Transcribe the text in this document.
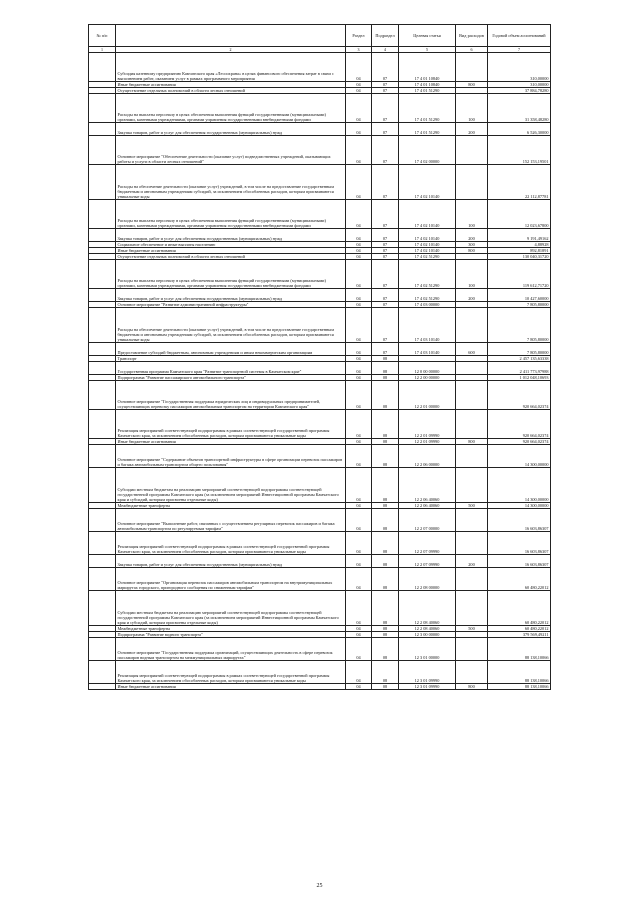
№ п/п		Раздел	Подраздел	Целевая статья	Вид расходов	Годовой объем ассигнований
1	2	3	4	5	6	7
	Субсидия казенному предприятию Камчатского края «Лесоохрана» в целях финансового обеспечения затрат в связи с выполнением работ, оказанием услуг в рамках программного мероприятия	04	07	17 4 01 10840		310,00000
	Иные бюджетные ассигнования	04	07	17 4 01 10840	800	310,00000
	Осуществление отдельных полномочий в области лесных отношений	04	07	17 4 01 51290		37 884,78280
	Расходы на выплаты персоналу в целях обеспечения выполнения функций государственными (муниципальными) органами, казенными учреждениями, органами управления государственными внебюджетными фондами	04	07	17 4 01 51290	100	31 358,48280
	Закупка товаров, работ и услуг для обеспечения государственных (муниципальных) нужд	04	07	17 4 01 51290	200	6 526,30000
	Основное мероприятие "Обеспечение деятельности (оказание услуг) подведомственных учреждений, оказывающих работы и услуги в области лесных отношений"	04	07	17 4 02 00000		152 153,19501
	Расходы на обеспечение деятельности (оказание услуг) учреждений, в том числе на предоставление государственным бюджетным и автономным учреждениям субсидий, за исключением обособленных расходов, которым присваиваются уникальные коды	04	07	17 4 02 10140		22 112,87781
	Расходы на выплаты персоналу в целях обеспечения выполнения функций государственными (муниципальными) органами, казенными учреждениями, органами управления государственными внебюджетными фондами	04	07	17 4 02 10140	100	12 023,67800
	Закупка товаров, работ и услуг для обеспечения государственных (муниципальных) нужд	04	07	17 4 02 10140	200	9 191,49162
	Социальное обеспечение и иные выплаты населению	04	07	17 4 02 10140	300	4,88928
	Иные бюджетные ассигнования	04	07	17 4 02 10140	800	892,81891
	Осуществление отдельных полномочий в области лесных отношений	04	07	17 4 02 51290		130 040,31720
	Расходы на выплаты персоналу в целях обеспечения выполнения функций государственными (муниципальными) органами, казенными учреждениями, органами управления государственными внебюджетными фондами	04	07	17 4 02 51290	100	119 612,71720
	Закупка товаров, работ и услуг для обеспечения государственных (муниципальных) нужд	04	07	17 4 02 51290	200	10 427,60000
	Основное мероприятие "Развитие административной инфраструктуры"	04	07	17 4 03 00000		7 805,80000
	Расходы на обеспечение деятельности (оказание услуг) учреждений, в том числе на предоставление государственным бюджетным и автономным учреждениям субсидий, за исключением обособленных расходов, которым присваиваются уникальные коды	04	07	17 4 03 10140		7 805,80000
	Предоставление субсидий бюджетным, автономным учреждениям и иным некоммерческим организациям	04	07	17 4 03 10140	600	7 805,80000
	Транспорт	04	08			2 457 135,63338
	Государственная программа Камчатского края "Развитие транспортной системы в Камчатском крае"	04	08	12 0 00 00000		2 411 773,97988
	Подпрограмма "Развитие пассажирского автомобильного транспорта"	04	08	12 2 00 00000		1 012 048,10693
	Основное мероприятие "Государственная поддержка юридических лиц и индивидуальных предпринимателей, осуществляющих перевозку пассажиров автомобильным транспортом на территории Камчатского края"	04	08	12 2 01 00000		920 664,02374
	Реализация мероприятий соответствующей подпрограммы в рамках соответствующей государственной программы Камчатского края, за исключением обособленных расходов, которым присваиваются уникальные коды	04	08	12 2 01 09990		920 664,02374
	Иные бюджетные ассигнования	04	08	12 2 01 09990	800	920 664,02374
	Основное мероприятие "Содержание объектов транспортной инфраструктуры в сфере организации перевозок пассажиров и багажа автомобильным транспортом общего пользования"	04	08	12 2 06 00000		14 300,00000
	Субсидии местным бюджетам на реализацию мероприятий соответствующей подпрограммы соответствующей государственной программы Камчатского края (за исключением мероприятий Инвестиционной программы Камчатского края и субсидий, которым присвоены отдельные коды)	04	08	12 2 06 40060		14 300,00000
	Межбюджетные трансферты	04	08	12 2 06 40060	500	14 300,00000
	Основное мероприятие "Выполнение работ, связанных с осуществлением регулярных перевозок пассажиров и багажа автомобильным транспортом по регулируемым тарифам"	04	08	12 2 07 00000		16 603,86307
	Реализация мероприятий соответствующей подпрограммы в рамках соответствующей государственной программы Камчатского края, за исключением обособленных расходов, которым присваиваются уникальные коды	04	08	12 2 07 09990		16 603,86307
	Закупка товаров, работ и услуг для обеспечения государственных (муниципальных) нужд	04	08	12 2 07 09990	200	16 603,86307
	Основное мероприятие "Организация перевозок пассажиров автомобильным транспортом на внутримуниципальных маршрутах городского, пригородного сообщения по сниженным тарифам"	04	08	12 2 08 00000		60 480,22012
	Субсидии местным бюджетам на реализацию мероприятий соответствующей подпрограммы соответствующей государственной программы Камчатского края (за исключением мероприятий Инвестиционной программы Камчатского края и субсидий, которым присвоены отдельные коды)	04	08	12 2 08 40060		60 480,22012
	Межбюджетные трансферты	04	08	12 2 08 40060	500	60 480,22012
	Подпрограмма "Развитие водного транспорта"	04	08	12 3 00 00000		379 569,49211
	Основное мероприятие "Государственная поддержка организаций, осуществляющих деятельность в сфере перевозок пассажиров водным транспортом на межмуниципальных маршрутах"	04	08	12 3 01 00000		88 138,10066
	Реализация мероприятий соответствующей подпрограммы в рамках соответствующей государственной программы Камчатского края, за исключением обособленных расходов, которым присваиваются уникальные коды	04	08	12 3 01 09990		88 138,10066
	Иные бюджетные ассигнования	04	08	12 3 01 09990	800	88 138,10066
25
